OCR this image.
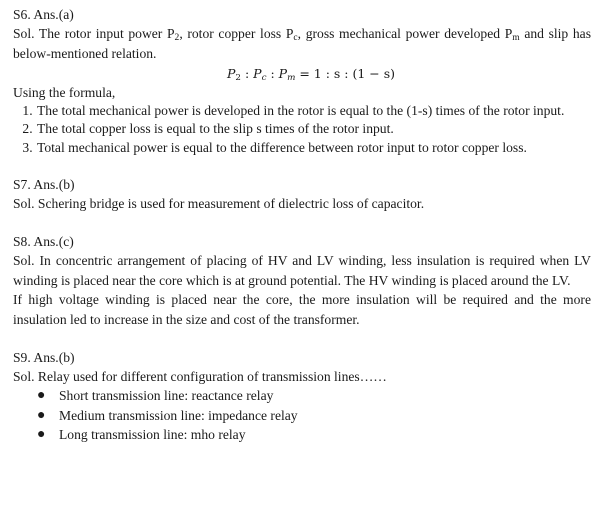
S6. Ans.(a)
Sol. The rotor input power $P_2$, rotor copper loss $P_c$, gross mechanical power developed $P_m$ and slip has below-mentioned relation.
$P_2$ : $P_c$ : $P_m = 1$ : s : (1 − s)
Using the formula,
1. The total mechanical power is developed in the rotor is equal to the (1-s) times of the rotor input.
2. The total copper loss is equal to the slip s times of the rotor input.
3. Total mechanical power is equal to the difference between rotor input to rotor copper loss.
S7. Ans.(b)
Sol. Schering bridge is used for measurement of dielectric loss of capacitor.
S8. Ans.(c)
Sol. In concentric arrangement of placing of HV and LV winding, less insulation is required when LV winding is placed near the core which is at ground potential. The HV winding is placed around the LV.
If high voltage winding is placed near the core, the more insulation will be required and the more insulation led to increase in the size and cost of the transformer.
S9. Ans.(b)
Sol. Relay used for different configuration of transmission lines……
● Short transmission line: reactance relay
● Medium transmission line: impedance relay
● Long transmission line: mho relay
